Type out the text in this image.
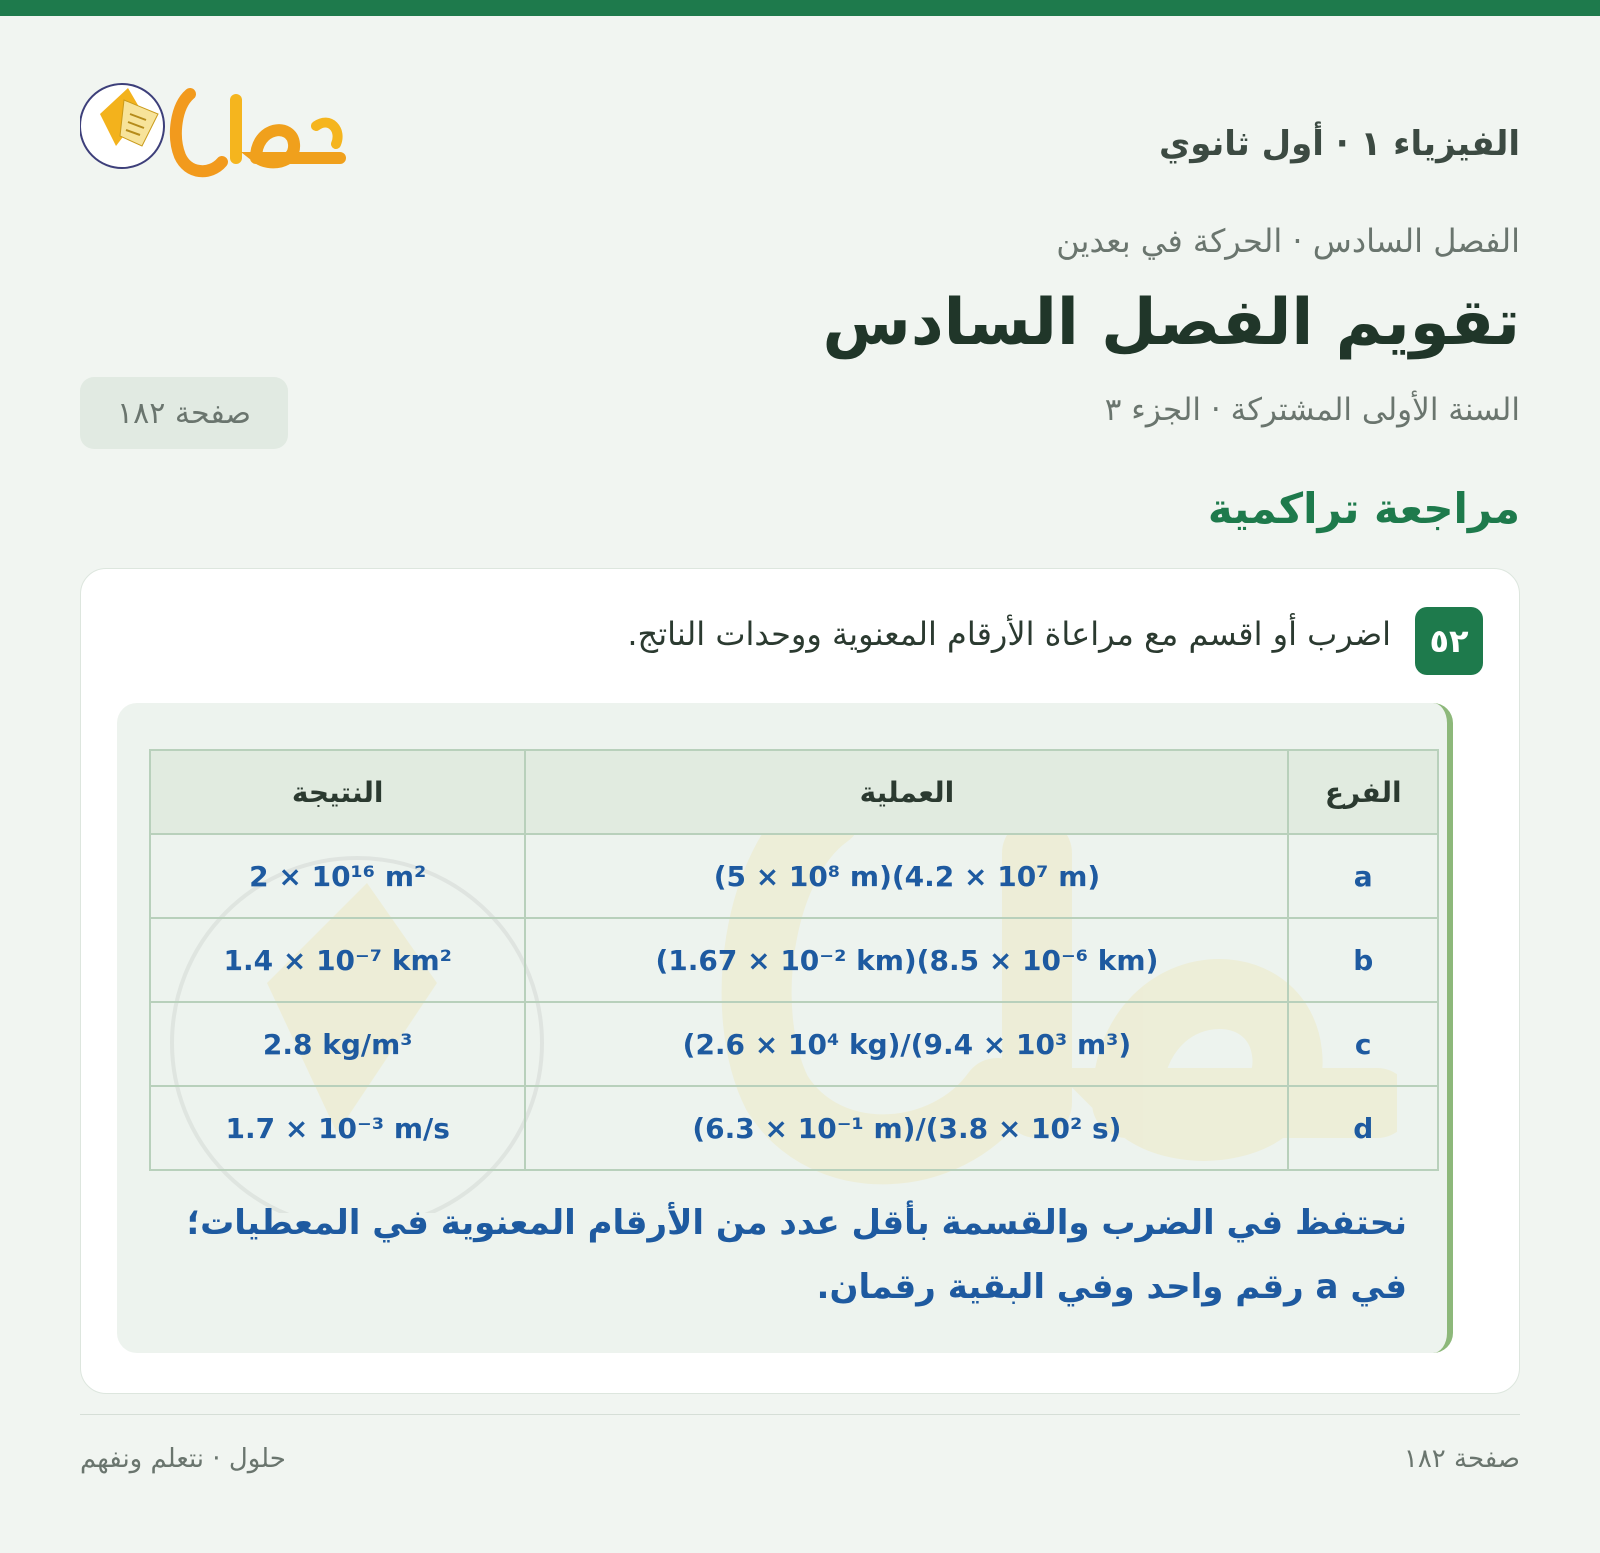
الفيزياء ١ · أول ثانوي
الفصل السادس · الحركة في بعدين
تقويم الفصل السادس
السنة الأولى المشتركة · الجزء ٣
صفحة ١٨٢
مراجعة تراكمية
٥٢
اضرب أو اقسم مع مراعاة الأرقام المعنوية ووحدات الناتج.
الفرع	العملية	النتيجة
a	(5 × 10⁸ m)(4.2 × 10⁷ m)	2 × 10¹⁶ m²
b	(1.67 × 10⁻² km)(8.5 × 10⁻⁶ km)	1.4 × 10⁻⁷ km²
c	(2.6 × 10⁴ kg)/(9.4 × 10³ m³)	2.8 kg/m³
d	(6.3 × 10⁻¹ m)/(3.8 × 10² s)	1.7 × 10⁻³ m/s
نحتفظ في الضرب والقسمة بأقل عدد من الأرقام المعنوية في المعطيات؛ في a رقم واحد وفي البقية رقمان.
صفحة ١٨٢
حلول · نتعلم ونفهم
